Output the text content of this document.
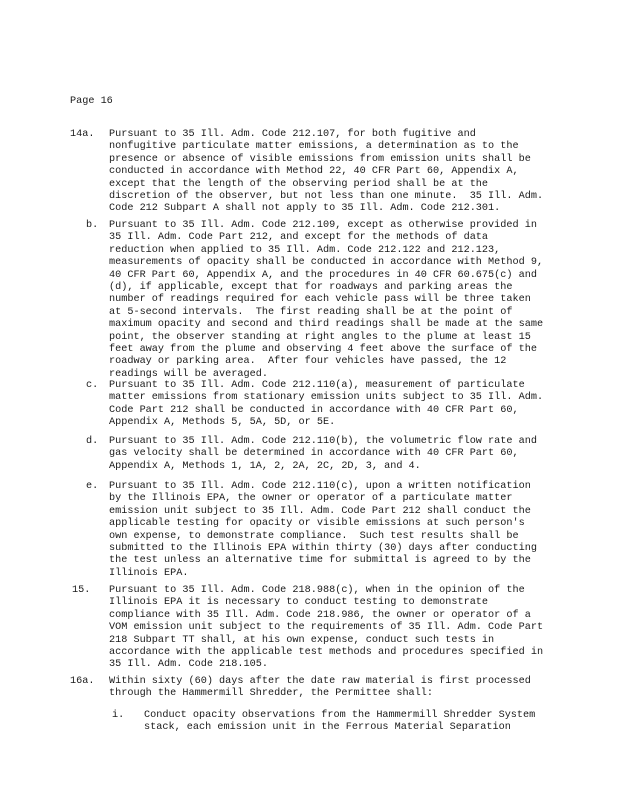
Page 16
14a. Pursuant to 35 Ill. Adm. Code 212.107, for both fugitive and
nonfugitive particulate matter emissions, a determination as to the
presence or absence of visible emissions from emission units shall be
conducted in accordance with Method 22, 40 CFR Part 60, Appendix A,
except that the length of the observing period shall be at the
discretion of the observer, but not less than one minute.  35 Ill. Adm.
Code 212 Subpart A shall not apply to 35 Ill. Adm. Code 212.301.
b. Pursuant to 35 Ill. Adm. Code 212.109, except as otherwise provided in
35 Ill. Adm. Code Part 212, and except for the methods of data
reduction when applied to 35 Ill. Adm. Code 212.122 and 212.123,
measurements of opacity shall be conducted in accordance with Method 9,
40 CFR Part 60, Appendix A, and the procedures in 40 CFR 60.675(c) and
(d), if applicable, except that for roadways and parking areas the
number of readings required for each vehicle pass will be three taken
at 5-second intervals.  The first reading shall be at the point of
maximum opacity and second and third readings shall be made at the same
point, the observer standing at right angles to the plume at least 15
feet away from the plume and observing 4 feet above the surface of the
roadway or parking area.  After four vehicles have passed, the 12
readings will be averaged.
c. Pursuant to 35 Ill. Adm. Code 212.110(a), measurement of particulate
matter emissions from stationary emission units subject to 35 Ill. Adm.
Code Part 212 shall be conducted in accordance with 40 CFR Part 60,
Appendix A, Methods 5, 5A, 5D, or 5E.
d. Pursuant to 35 Ill. Adm. Code 212.110(b), the volumetric flow rate and
gas velocity shall be determined in accordance with 40 CFR Part 60,
Appendix A, Methods 1, 1A, 2, 2A, 2C, 2D, 3, and 4.
e. Pursuant to 35 Ill. Adm. Code 212.110(c), upon a written notification
by the Illinois EPA, the owner or operator of a particulate matter
emission unit subject to 35 Ill. Adm. Code Part 212 shall conduct the
applicable testing for opacity or visible emissions at such person's
own expense, to demonstrate compliance.  Such test results shall be
submitted to the Illinois EPA within thirty (30) days after conducting
the test unless an alternative time for submittal is agreed to by the
Illinois EPA.
15. Pursuant to 35 Ill. Adm. Code 218.988(c), when in the opinion of the
Illinois EPA it is necessary to conduct testing to demonstrate
compliance with 35 Ill. Adm. Code 218.986, the owner or operator of a
VOM emission unit subject to the requirements of 35 Ill. Adm. Code Part
218 Subpart TT shall, at his own expense, conduct such tests in
accordance with the applicable test methods and procedures specified in
35 Ill. Adm. Code 218.105.
16a. Within sixty (60) days after the date raw material is first processed
through the Hammermill Shredder, the Permittee shall:
i. Conduct opacity observations from the Hammermill Shredder System
stack, each emission unit in the Ferrous Material Separation
